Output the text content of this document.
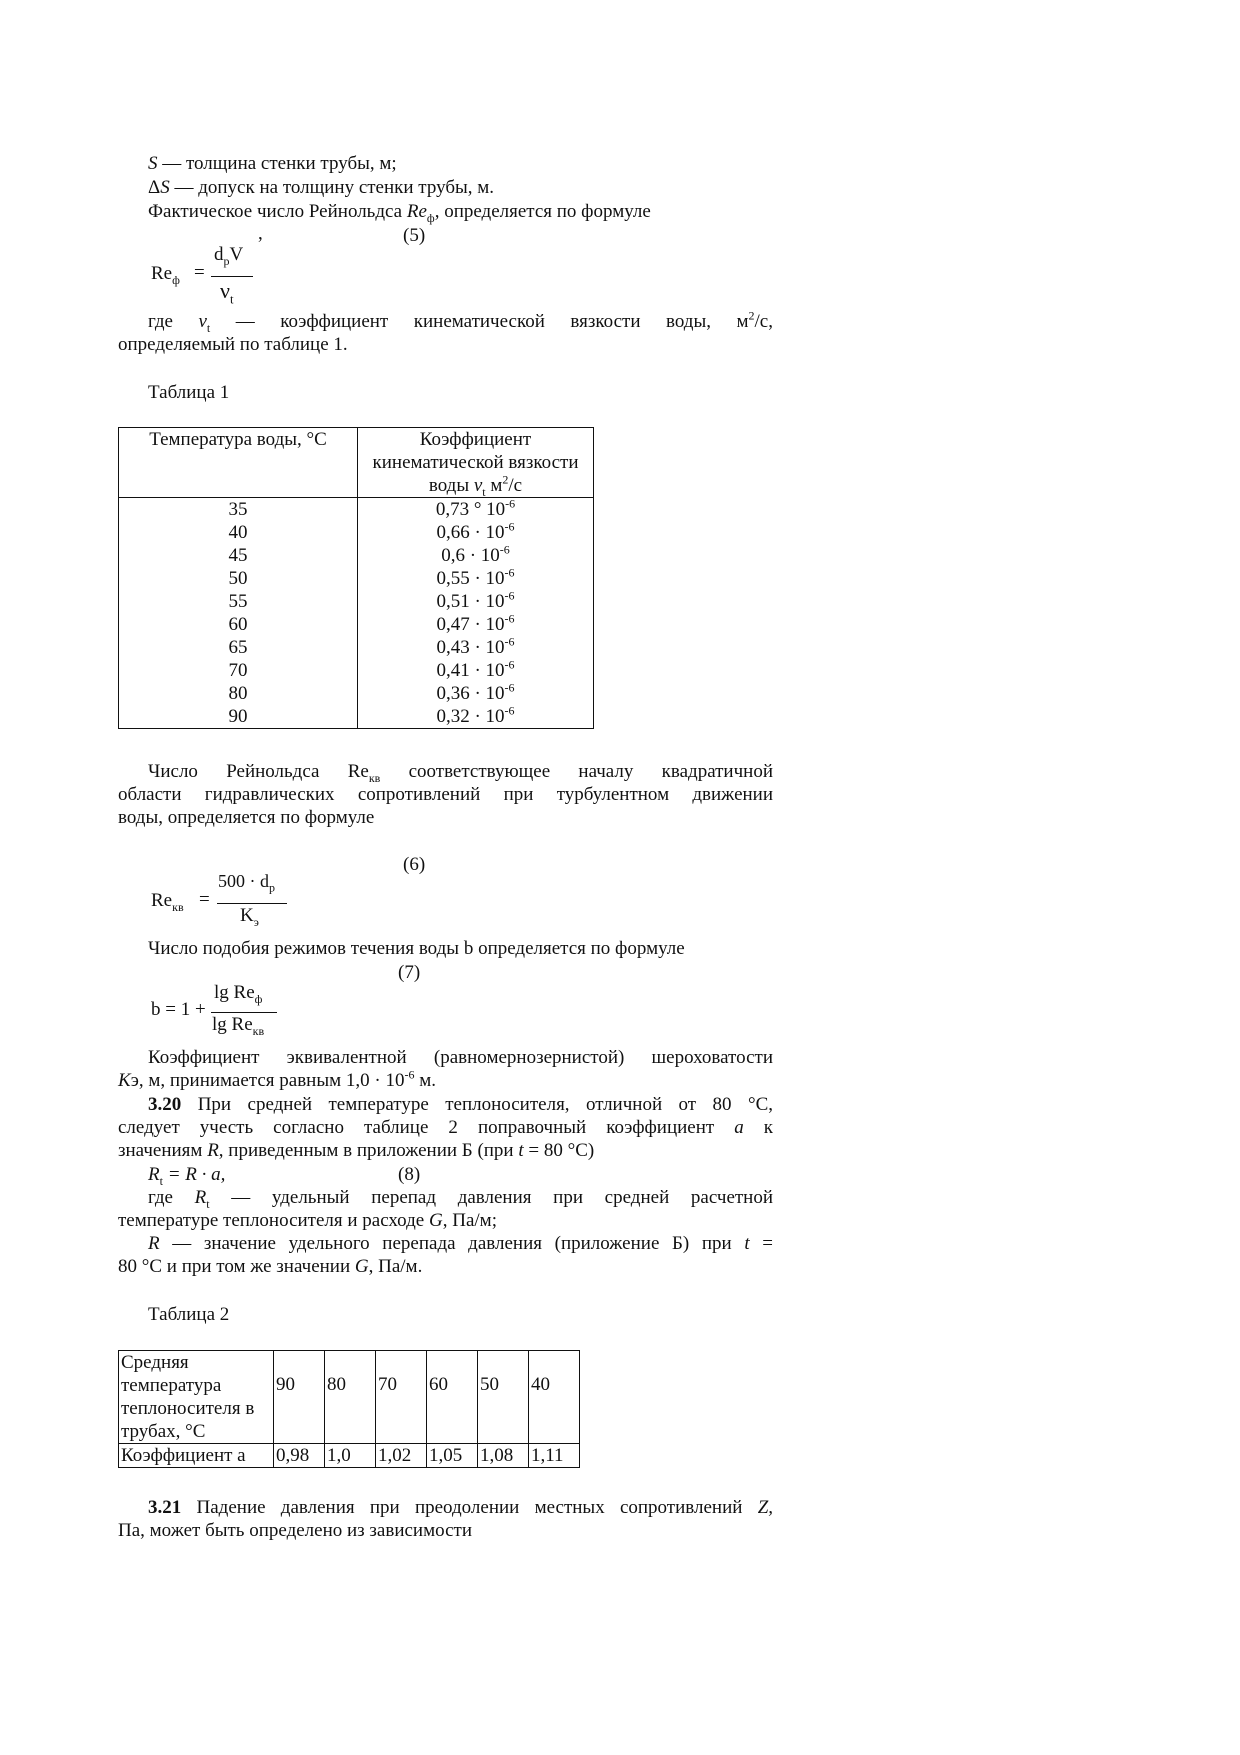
S — толщина стенки трубы, м;
ΔS — допуск на толщину стенки трубы, м.
Фактическое число Рейнольдса $Re_ф$, определяется по формуле
,	(5)
$Re_ф$ =
$d_pV$
$\nu_t$
где $\nu_t$ — коэффициент кинематической вязкости воды, $м^2/с$,
определяемый по таблице 1.
Таблица 1
Температура воды, °С	Коэффициент
кинематической вязкости
воды $\nu_t$ $м^2/с$
35	0,73 ° $10^{-6}$
40	$0,66 \cdot 10^{-6}$
45	$0,6 \cdot 10^{-6}$
50	$0,55 \cdot 10^{-6}$
55	$0,51 \cdot 10^{-6}$
60	$0,47 \cdot 10^{-6}$
65	$0,43 \cdot 10^{-6}$
70	$0,41 \cdot 10^{-6}$
80	$0,36 \cdot 10^{-6}$
90	$0,32 \cdot 10^{-6}$
Число Рейнольдса $Re_{кв}$ соответствующее началу квадратичной
области гидравлических сопротивлений при турбулентном движении
воды, определяется по формуле
(6)
$Re_{кв}$ =
$500 \cdot d_р$
$K_э$
Число подобия режимов течения воды b определяется по формуле
(7)
b = 1 +
$\lg Re_ф$
$\lg Re_{кв}$
Коэффициент эквивалентной (равномернозернистой) шероховатости
Kэ, м, принимается равным $1,0 \cdot 10^{-6}$ м.
3.20 При средней температуре теплоносителя, отличной от 80 °С,
следует учесть согласно таблице 2 поправочный коэффициент a к
значениям R, приведенным в приложении Б (при t = 80 °С)
$R_t = R \cdot a$,	(8)
где $R_t$ — удельный перепад давления при средней расчетной
температуре теплоносителя и расходе G, Па/м;
R — значение удельного перепада давления (приложение Б) при t =
80 °С и при том же значении G, Па/м.
Таблица 2
Средняя
температура
теплоносителя в
трубах, °С	90	80	70	60	50	40
Коэффициент а	0,98	1,0	1,02	1,05	1,08	1,11
3.21 Падение давления при преодолении местных сопротивлений Z,
Па, может быть определено из зависимости
